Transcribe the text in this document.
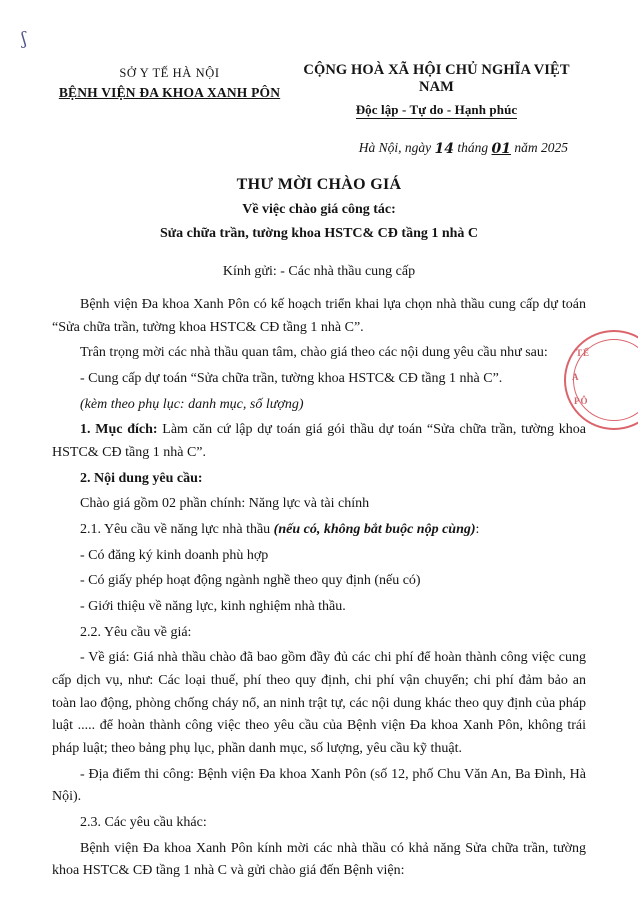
ʃ
SỞ Y TẾ HÀ NỘI
BỆNH VIỆN ĐA KHOA XANH PÔN
CỘNG HOÀ XÃ HỘI CHỦ NGHĨA VIỆT NAM
Độc lập - Tự do - Hạnh phúc
Hà Nội, ngày 14 tháng 01 năm 2025
THƯ MỜI CHÀO GIÁ
Về việc chào giá công tác:
Sửa chữa trần, tường khoa HSTC& CĐ tầng 1 nhà C
Kính gửi: - Các nhà thầu cung cấp

Bệnh viện Đa khoa Xanh Pôn có kế hoạch triển khai lựa chọn nhà thầu cung cấp dự toán “Sửa chữa trần, tường khoa HSTC& CĐ tầng 1 nhà C”.

Trân trọng mời các nhà thầu quan tâm, chào giá theo các nội dung yêu cầu như sau:

- Cung cấp dự toán “Sửa chữa trần, tường khoa HSTC& CĐ tầng 1 nhà C”.

(kèm theo phụ lục: danh mục, số lượng)

1. Mục đích: Làm căn cứ lập dự toán giá gói thầu dự toán “Sửa chữa trần, tường khoa HSTC& CĐ tầng 1 nhà C”.

2. Nội dung yêu cầu:

Chào giá gồm 02 phần chính: Năng lực và tài chính

2.1. Yêu cầu về năng lực nhà thầu (nếu có, không bắt buộc nộp cùng):

- Có đăng ký kinh doanh phù hợp

- Có giấy phép hoạt động ngành nghề theo quy định (nếu có)

- Giới thiệu về năng lực, kinh nghiệm nhà thầu.

2.2. Yêu cầu về giá:

- Về giá: Giá nhà thầu chào đã bao gồm đầy đủ các chi phí để hoàn thành công việc cung cấp dịch vụ, như: Các loại thuế, phí theo quy định, chi phí vận chuyển; chi phí đảm bảo an toàn lao động, phòng chống cháy nổ, an ninh trật tự, các nội dung khác theo quy định của pháp luật ..... để hoàn thành công việc theo yêu cầu của Bệnh viện Đa khoa Xanh Pôn, không trái pháp luật; theo bảng phụ lục, phần danh mục, số lượng, yêu cầu kỹ thuật.

- Địa điểm thi công: Bệnh viện Đa khoa Xanh Pôn (số 12, phố Chu Văn An, Ba Đình, Hà Nội).

2.3. Các yêu cầu khác:

Bệnh viện Đa khoa Xanh Pôn kính mời các nhà thầu có khả năng Sửa chữa trần, tường khoa HSTC& CĐ tầng 1 nhà C và gửi chào giá đến Bệnh viện:

TẾ
A
PÔ
